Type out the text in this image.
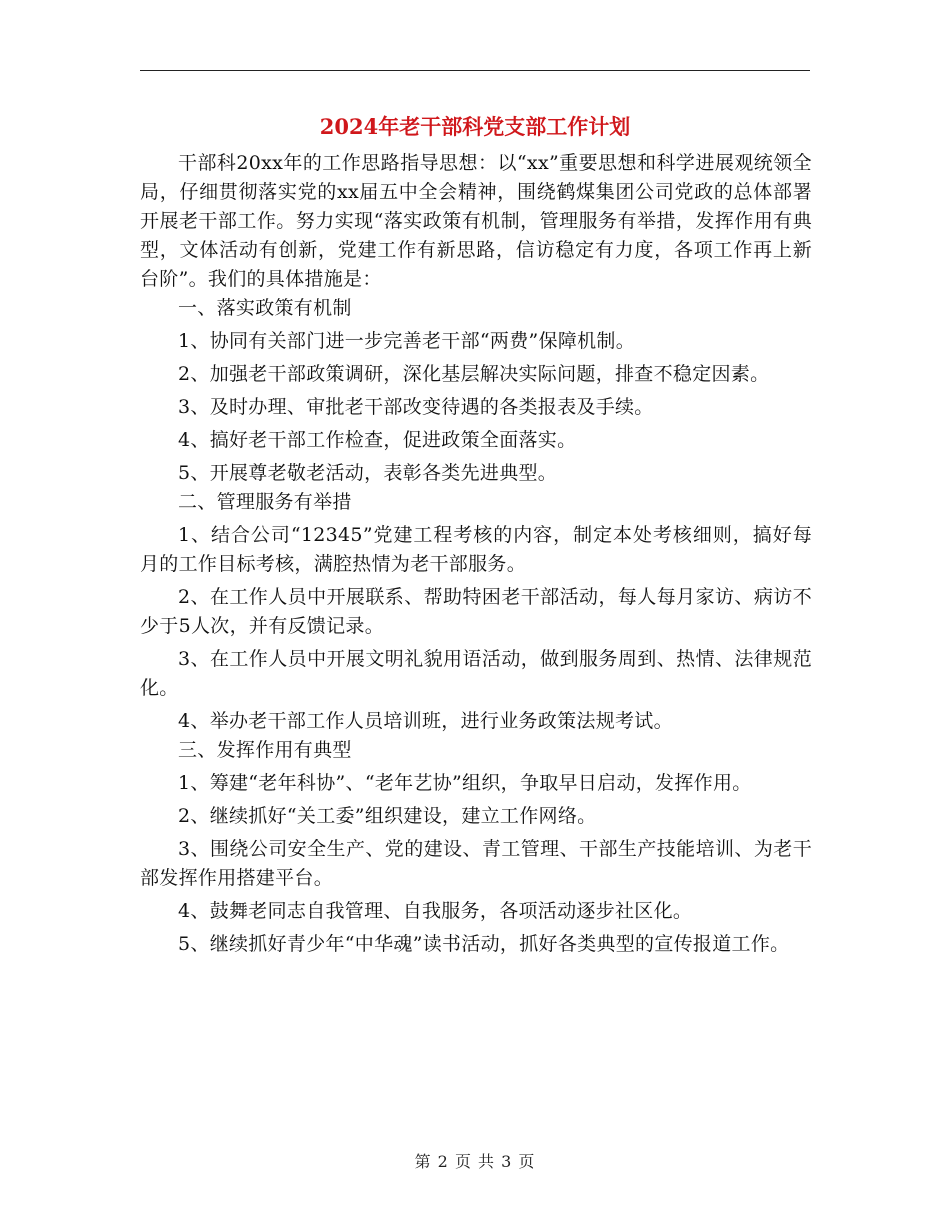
2024年老干部科党支部工作计划

干部科20xx年的工作思路指导思想：以“xx”重要思想和科学进展观统领全局，仔细贯彻落实党的xx届五中全会精神，围绕鹤煤集团公司党政的总体部署开展老干部工作。努力实现“落实政策有机制，管理服务有举措，发挥作用有典型，文体活动有创新，党建工作有新思路，信访稳定有力度，各项工作再上新台阶”。我们的具体措施是：

一、落实政策有机制

1、协同有关部门进一步完善老干部“两费”保障机制。

2、加强老干部政策调研，深化基层解决实际问题，排查不稳定因素。

3、及时办理、审批老干部改变待遇的各类报表及手续。

4、搞好老干部工作检查，促进政策全面落实。

5、开展尊老敬老活动，表彰各类先进典型。

二、管理服务有举措

1、结合公司“12345”党建工程考核的内容，制定本处考核细则，搞好每月的工作目标考核，满腔热情为老干部服务。

2、在工作人员中开展联系、帮助特困老干部活动，每人每月家访、病访不少于5人次，并有反馈记录。

3、在工作人员中开展文明礼貌用语活动，做到服务周到、热情、法律规范化。

4、举办老干部工作人员培训班，进行业务政策法规考试。

三、发挥作用有典型

1、筹建“老年科协”、“老年艺协”组织，争取早日启动，发挥作用。

2、继续抓好“关工委”组织建设，建立工作网络。

3、围绕公司安全生产、党的建设、青工管理、干部生产技能培训、为老干部发挥作用搭建平台。

4、鼓舞老同志自我管理、自我服务，各项活动逐步社区化。

5、继续抓好青少年“中华魂”读书活动，抓好各类典型的宣传报道工作。

第 2 页 共 3 页
